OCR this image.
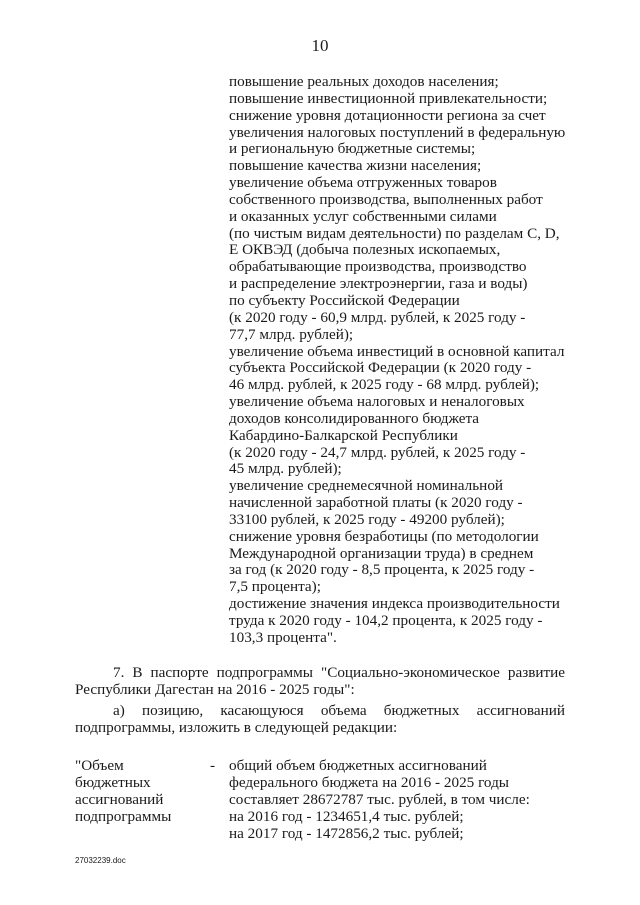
10
повышение реальных доходов населения;
повышение инвестиционной привлекательности;
снижение уровня дотационности региона за счет
увеличения налоговых поступлений в федеральную
и региональную бюджетные системы;
повышение качества жизни населения;
увеличение объема отгруженных товаров
собственного производства, выполненных работ
и оказанных услуг собственными силами
(по чистым видам деятельности) по разделам С, D,
Е ОКВЭД (добыча полезных ископаемых,
обрабатывающие производства, производство
и распределение электроэнергии, газа и воды)
по субъекту Российской Федерации
(к 2020 году - 60,9 млрд. рублей, к 2025 году -
77,7 млрд. рублей);
увеличение объема инвестиций в основной капитал
субъекта Российской Федерации (к 2020 году -
46 млрд. рублей, к 2025 году - 68 млрд. рублей);
увеличение объема налоговых и неналоговых
доходов консолидированного бюджета
Кабардино-Балкарской Республики
(к 2020 году - 24,7 млрд. рублей, к 2025 году -
45 млрд. рублей);
увеличение среднемесячной номинальной
начисленной заработной платы (к 2020 году -
33100 рублей, к 2025 году - 49200 рублей);
снижение уровня безработицы (по методологии
Международной организации труда) в среднем
за год (к 2020 году - 8,5 процента, к 2025 году -
7,5 процента);
достижение значения индекса производительности
труда к 2020 году - 104,2 процента, к 2025 году -
103,3 процента".
7. В паспорте подпрограммы "Социально-экономическое развитие
Республики Дагестан на 2016 - 2025 годы":
а) позицию, касающуюся объема бюджетных ассигнований
подпрограммы, изложить в следующей редакции:
"Объем
бюджетных
ассигнований
подпрограммы
- общий объем бюджетных ассигнований
федерального бюджета на 2016 - 2025 годы
составляет 28672787 тыс. рублей, в том числе:
на 2016 год - 1234651,4 тыс. рублей;
на 2017 год - 1472856,2 тыс. рублей;
27032239.doc
